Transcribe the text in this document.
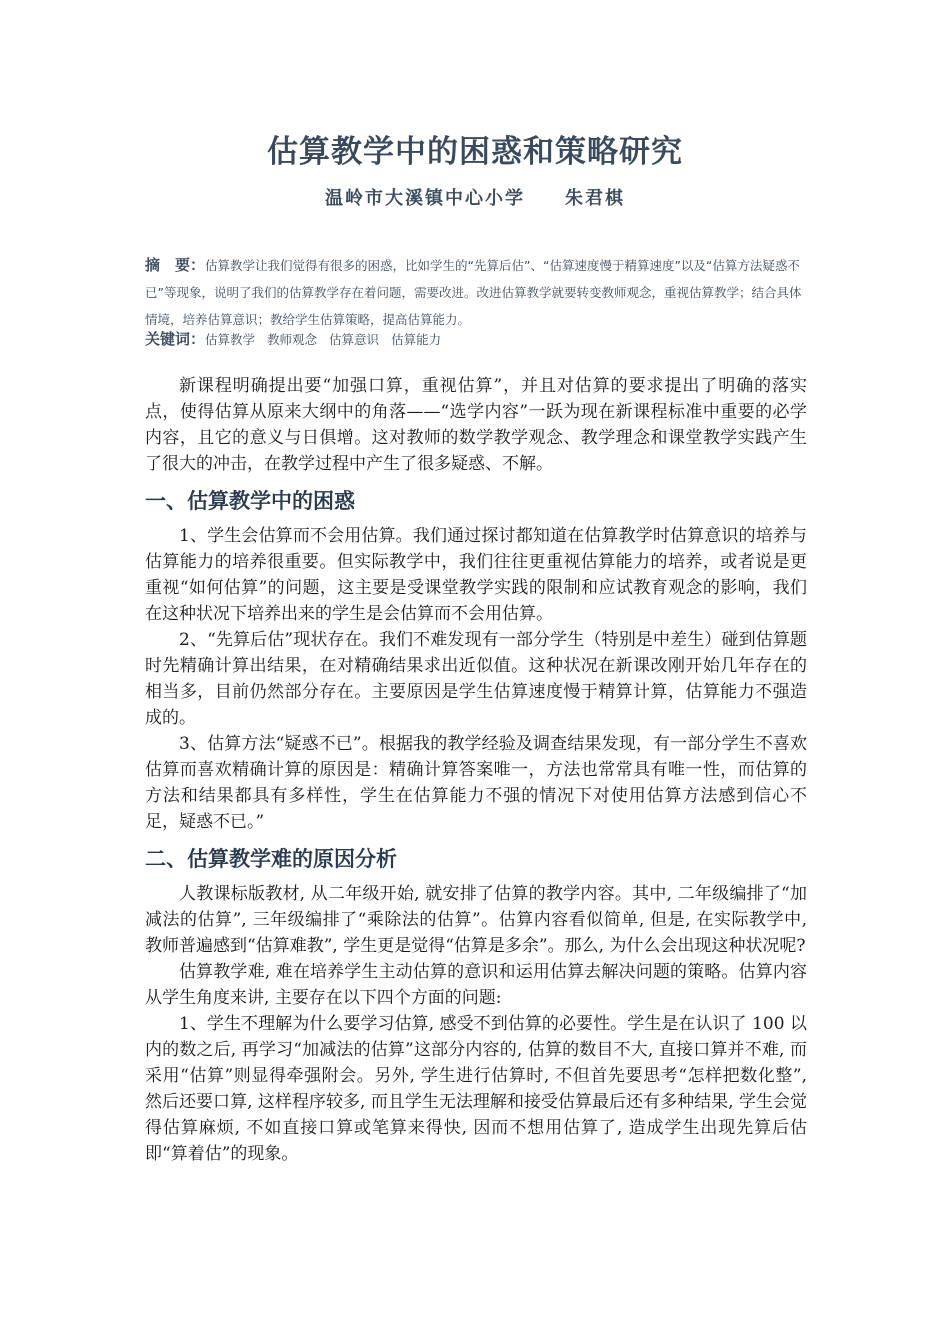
估算教学中的困惑和策略研究
温岭市大溪镇中心小学 朱君棋
摘　要：估算教学让我们觉得有很多的困惑，比如学生的“先算后估”、“估算速度慢于精算速度”以及“估算方法疑惑不已”等现象，说明了我们的估算教学存在着问题，需要改进。改进估算教学就要转变教师观念，重视估算教学；结合具体情境，培养估算意识；教给学生估算策略，提高估算能力。
关键词：估算教学 教师观念 估算意识 估算能力

新课程明确提出要“加强口算，重视估算”，并且对估算的要求提出了明确的落实点，使得估算从原来大纲中的角落——“选学内容”一跃为现在新课程标准中重要的必学内容，且它的意义与日俱增。这对教师的数学教学观念、教学理念和课堂教学实践产生了很大的冲击，在教学过程中产生了很多疑惑、不解。

一、估算教学中的困惑

1、学生会估算而不会用估算。我们通过探讨都知道在估算教学时估算意识的培养与估算能力的培养很重要。但实际教学中，我们往往更重视估算能力的培养，或者说是更重视“如何估算”的问题，这主要是受课堂教学实践的限制和应试教育观念的影响，我们在这种状况下培养出来的学生是会估算而不会用估算。

2、“先算后估”现状存在。我们不难发现有一部分学生（特别是中差生）碰到估算题时先精确计算出结果，在对精确结果求出近似值。这种状况在新课改刚开始几年存在的相当多，目前仍然部分存在。主要原因是学生估算速度慢于精算计算，估算能力不强造成的。

3、估算方法“疑惑不已”。根据我的教学经验及调查结果发现，有一部分学生不喜欢估算而喜欢精确计算的原因是：精确计算答案唯一，方法也常常具有唯一性，而估算的方法和结果都具有多样性，学生在估算能力不强的情况下对使用估算方法感到信心不足，疑惑不已。”

二、估算教学难的原因分析

人教课标版教材, 从二年级开始, 就安排了估算的教学内容。其中, 二年级编排了“加减法的估算”, 三年级编排了“乘除法的估算”。估算内容看似简单, 但是, 在实际教学中, 教师普遍感到“估算难教”, 学生更是觉得“估算是多余”。那么, 为什么会出现这种状况呢?

估算教学难, 难在培养学生主动估算的意识和运用估算去解决问题的策略。估算内容从学生角度来讲, 主要存在以下四个方面的问题:

1、学生不理解为什么要学习估算, 感受不到估算的必要性。学生是在认识了 100 以内的数之后, 再学习“加减法的估算”这部分内容的, 估算的数目不大, 直接口算并不难, 而采用“估算”则显得牵强附会。另外, 学生进行估算时, 不但首先要思考“怎样把数化整”, 然后还要口算, 这样程序较多, 而且学生无法理解和接受估算最后还有多种结果, 学生会觉得估算麻烦, 不如直接口算或笔算来得快, 因而不想用估算了, 造成学生出现先算后估即“算着估”的现象。
